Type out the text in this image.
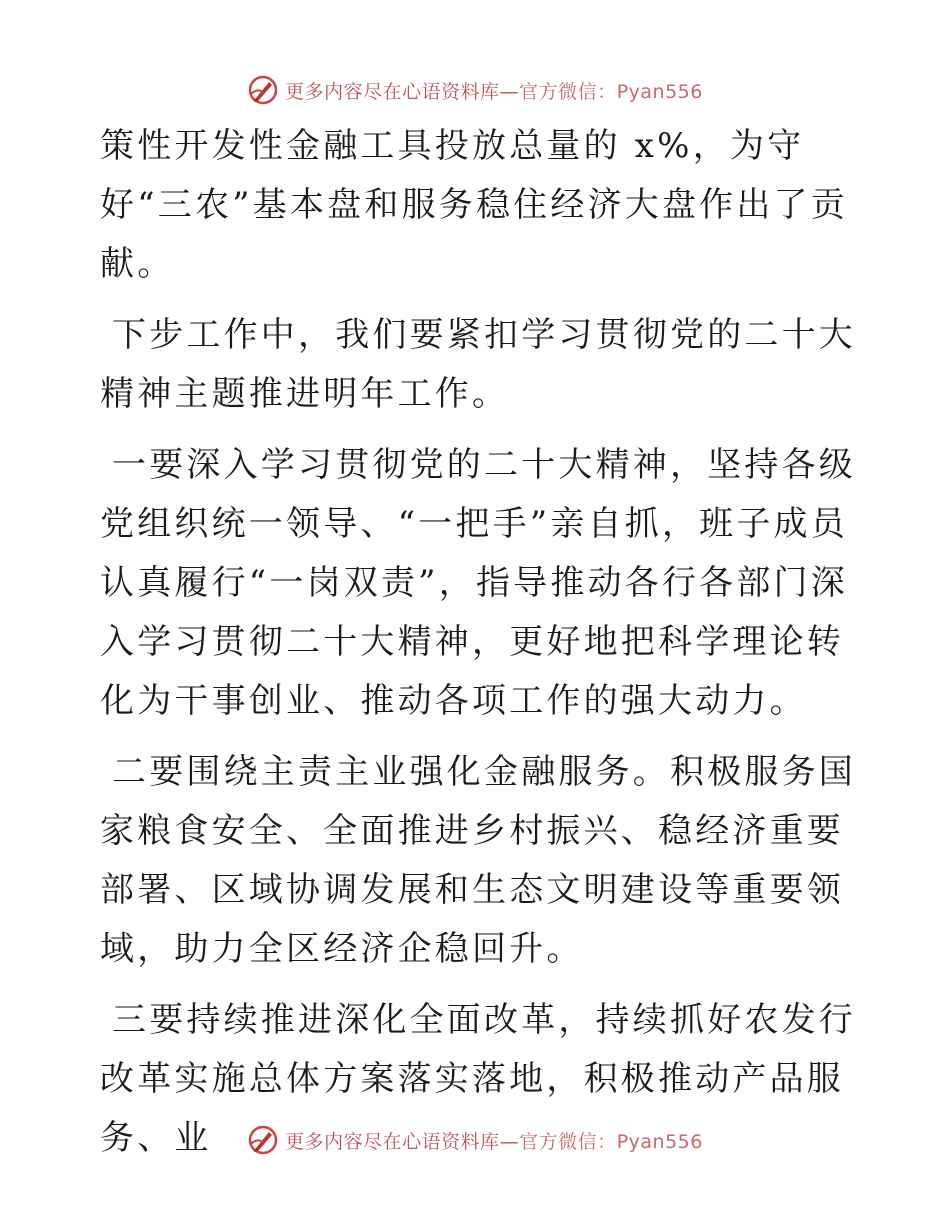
更多内容尽在心语资料库—官方微信：Pyan556

策性开发性金融工具投放总量的 x%，为守好“三农”基本盘和服务稳住经济大盘作出了贡献。

下步工作中，我们要紧扣学习贯彻党的二十大精神主题推进明年工作。

一要深入学习贯彻党的二十大精神，坚持各级党组织统一领导、“一把手”亲自抓，班子成员认真履行“一岗双责”，指导推动各行各部门深入学习贯彻二十大精神，更好地把科学理论转化为干事创业、推动各项工作的强大动力。

二要围绕主责主业强化金融服务。积极服务国家粮食安全、全面推进乡村振兴、稳经济重要部署、区域协调发展和生态文明建设等重要领域，助力全区经济企稳回升。

三要持续推进深化全面改革，持续抓好农发行改革实施总体方案落实落地，积极推动产品服务、业	更多内容尽在心语资料库—官方微信：Pyan556
